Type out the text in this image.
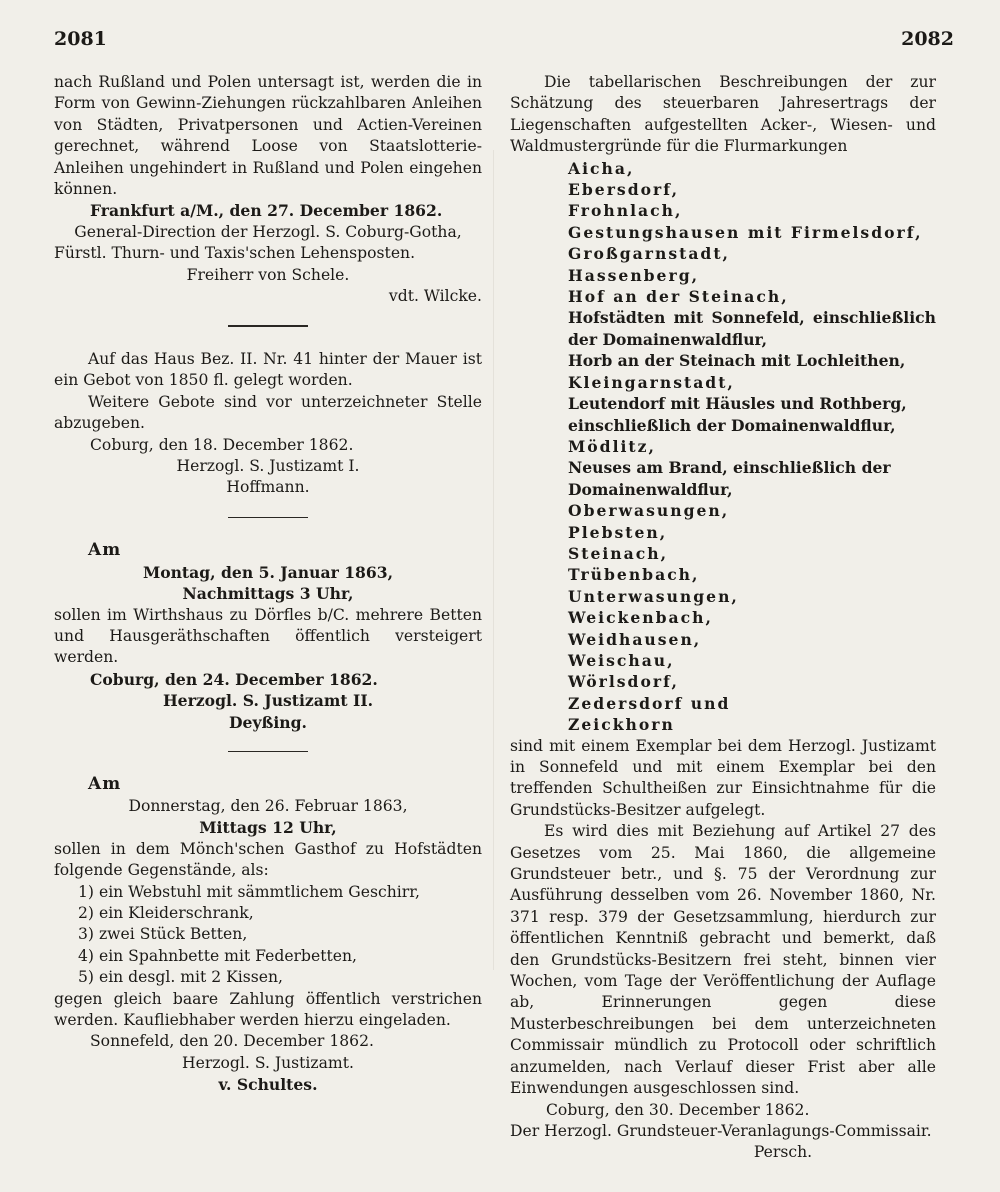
2081	2082

nach Rußland und Polen untersagt ist, werden die in Form von Gewinn-Ziehungen rückzahlbaren Anleihen von Städten, Privatpersonen und Actien-Vereinen gerechnet, während Loose von Staatslotterie-Anleihen ungehindert in Rußland und Polen eingehen können.

Frankfurt a/M., den 27. December 1862.

General-Direction der Herzogl. S. Coburg-Gotha, Fürstl. Thurn- und Taxis'schen Lehensposten.

Freiherr von Schele.

vdt. Wilcke.

Auf das Haus Bez. II. Nr. 41 hinter der Mauer ist ein Gebot von 1850 fl. gelegt worden.

Weitere Gebote sind vor unterzeichneter Stelle abzugeben.

Coburg, den 18. December 1862.

Herzogl. S. Justizamt I.

Hoffmann.

Am

Montag, den 5. Januar 1863,

Nachmittags 3 Uhr,

sollen im Wirthshaus zu Dörfles b/C. mehrere Betten und Hausgeräthschaften öffentlich versteigert werden.

Coburg, den 24. December 1862.

Herzogl. S. Justizamt II.

Deyßing.

Am

Donnerstag, den 26. Februar 1863,

Mittags 12 Uhr,

sollen in dem Mönch'schen Gasthof zu Hofstädten folgende Gegenstände, als:

1) ein Webstuhl mit sämmtlichem Geschirr,
2) ein Kleiderschrank,
3) zwei Stück Betten,
4) ein Spahnbette mit Federbetten,
5) ein desgl. mit 2 Kissen,

gegen gleich baare Zahlung öffentlich verstrichen werden. Kaufliebhaber werden hierzu eingeladen.

Sonnefeld, den 20. December 1862.

Herzogl. S. Justizamt.

v. Schultes.

Die tabellarischen Beschreibungen der zur Schätzung des steuerbaren Jahresertrags der Liegenschaften aufgestellten Acker-, Wiesen- und Waldmustergründe für die Flurmarkungen

Aicha,

Ebersdorf,

Frohnlach,

Gestungshausen mit Firmelsdorf,

Großgarnstadt,

Hassenberg,

Hof an der Steinach,

Hofstädten mit Sonnefeld, einschließlich der Domainenwaldflur,

Horb an der Steinach mit Lochleithen,

Kleingarnstadt,

Leutendorf mit Häusles und Rothberg, einschließlich der Domainenwaldflur,

Mödlitz,

Neuses am Brand, einschließlich der Domainenwaldflur,

Oberwasungen,

Plebsten,

Steinach,

Trübenbach,

Unterwasungen,

Weickenbach,

Weidhausen,

Weischau,

Wörlsdorf,

Zedersdorf und

Zeickhorn

sind mit einem Exemplar bei dem Herzogl. Justizamt in Sonnefeld und mit einem Exemplar bei den treffenden Schultheißen zur Einsichtnahme für die Grundstücks-Besitzer aufgelegt.

Es wird dies mit Beziehung auf Artikel 27 des Gesetzes vom 25. Mai 1860, die allgemeine Grundsteuer betr., und §. 75 der Verordnung zur Ausführung desselben vom 26. November 1860, Nr. 371 resp. 379 der Gesetzsammlung, hierdurch zur öffentlichen Kenntniß gebracht und bemerkt, daß den Grundstücks-Besitzern frei steht, binnen vier Wochen, vom Tage der Veröffentlichung der Auflage ab, Erinnerungen gegen diese Musterbeschreibungen bei dem unterzeichneten Commissair mündlich zu Protocoll oder schriftlich anzumelden, nach Verlauf dieser Frist aber alle Einwendungen ausgeschlossen sind.

Coburg, den 30. December 1862.

Der Herzogl. Grundsteuer-Veranlagungs-Commissair.

Persch.
